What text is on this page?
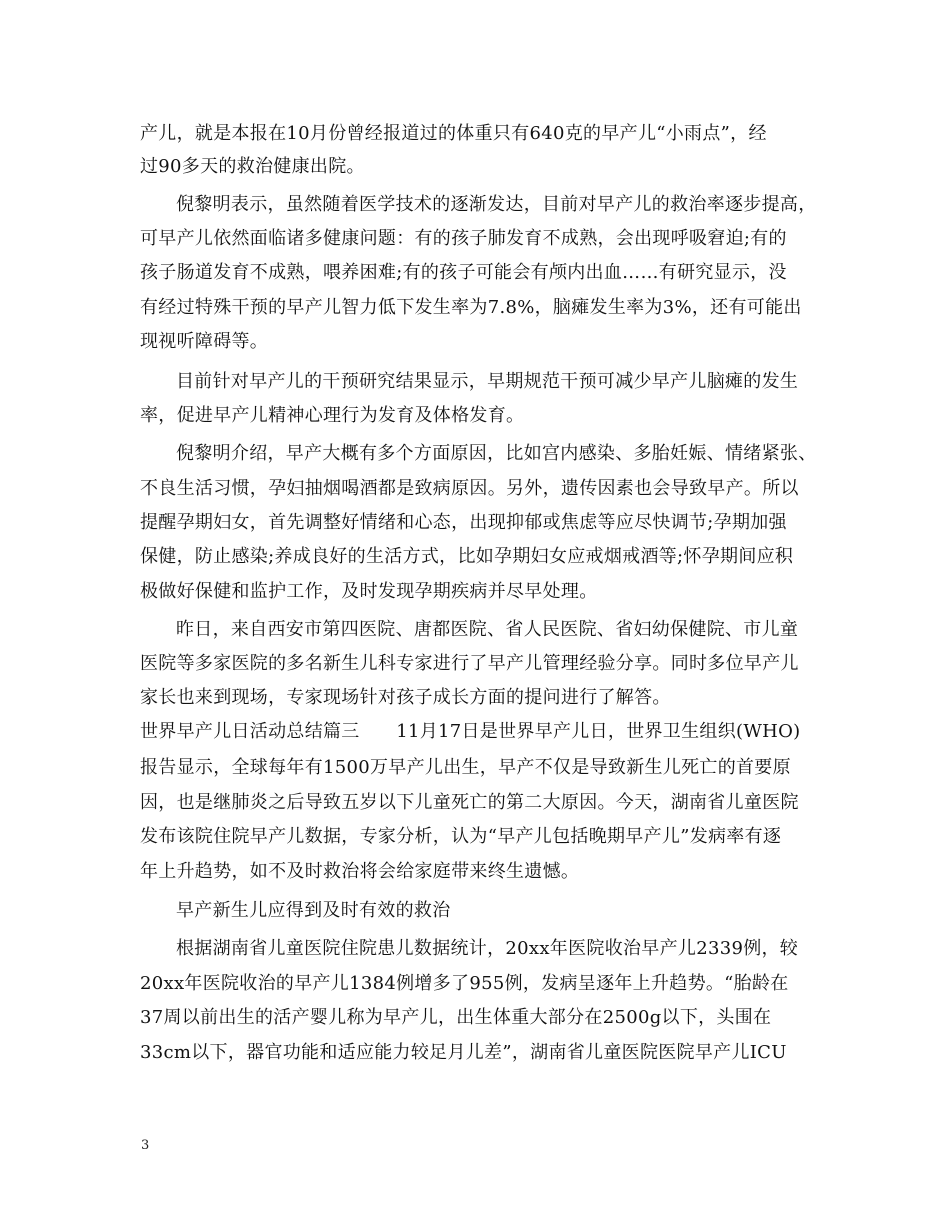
产儿，就是本报在10月份曾经报道过的体重只有640克的早产儿“小雨点”，经
过90多天的救治健康出院。
倪黎明表示，虽然随着医学技术的逐渐发达，目前对早产儿的救治率逐步提高，
可早产儿依然面临诸多健康问题：有的孩子肺发育不成熟，会出现呼吸窘迫;有的
孩子肠道发育不成熟，喂养困难;有的孩子可能会有颅内出血……有研究显示，没
有经过特殊干预的早产儿智力低下发生率为7.8%，脑瘫发生率为3%，还有可能出
现视听障碍等。
目前针对早产儿的干预研究结果显示，早期规范干预可减少早产儿脑瘫的发生
率，促进早产儿精神心理行为发育及体格发育。
倪黎明介绍，早产大概有多个方面原因，比如宫内感染、多胎妊娠、情绪紧张、
不良生活习惯，孕妇抽烟喝酒都是致病原因。另外，遗传因素也会导致早产。所以
提醒孕期妇女，首先调整好情绪和心态，出现抑郁或焦虑等应尽快调节;孕期加强
保健，防止感染;养成良好的生活方式，比如孕期妇女应戒烟戒酒等;怀孕期间应积
极做好保健和监护工作，及时发现孕期疾病并尽早处理。
昨日，来自西安市第四医院、唐都医院、省人民医院、省妇幼保健院、市儿童
医院等多家医院的多名新生儿科专家进行了早产儿管理经验分享。同时多位早产儿
家长也来到现场，专家现场针对孩子成长方面的提问进行了解答。
世界早产儿日活动总结篇三　　11月17日是世界早产儿日，世界卫生组织(WHO)
报告显示，全球每年有1500万早产儿出生，早产不仅是导致新生儿死亡的首要原
因，也是继肺炎之后导致五岁以下儿童死亡的第二大原因。今天，湖南省儿童医院
发布该院住院早产儿数据，专家分析，认为“早产儿包括晚期早产儿”发病率有逐
年上升趋势，如不及时救治将会给家庭带来终生遗憾。
早产新生儿应得到及时有效的救治
根据湖南省儿童医院住院患儿数据统计，20xx年医院收治早产儿2339例，较
20xx年医院收治的早产儿1384例增多了955例，发病呈逐年上升趋势。“胎龄在
37周以前出生的活产婴儿称为早产儿，出生体重大部分在2500g以下，头围在
33cm以下，器官功能和适应能力较足月儿差”，湖南省儿童医院医院早产儿ICU
3
